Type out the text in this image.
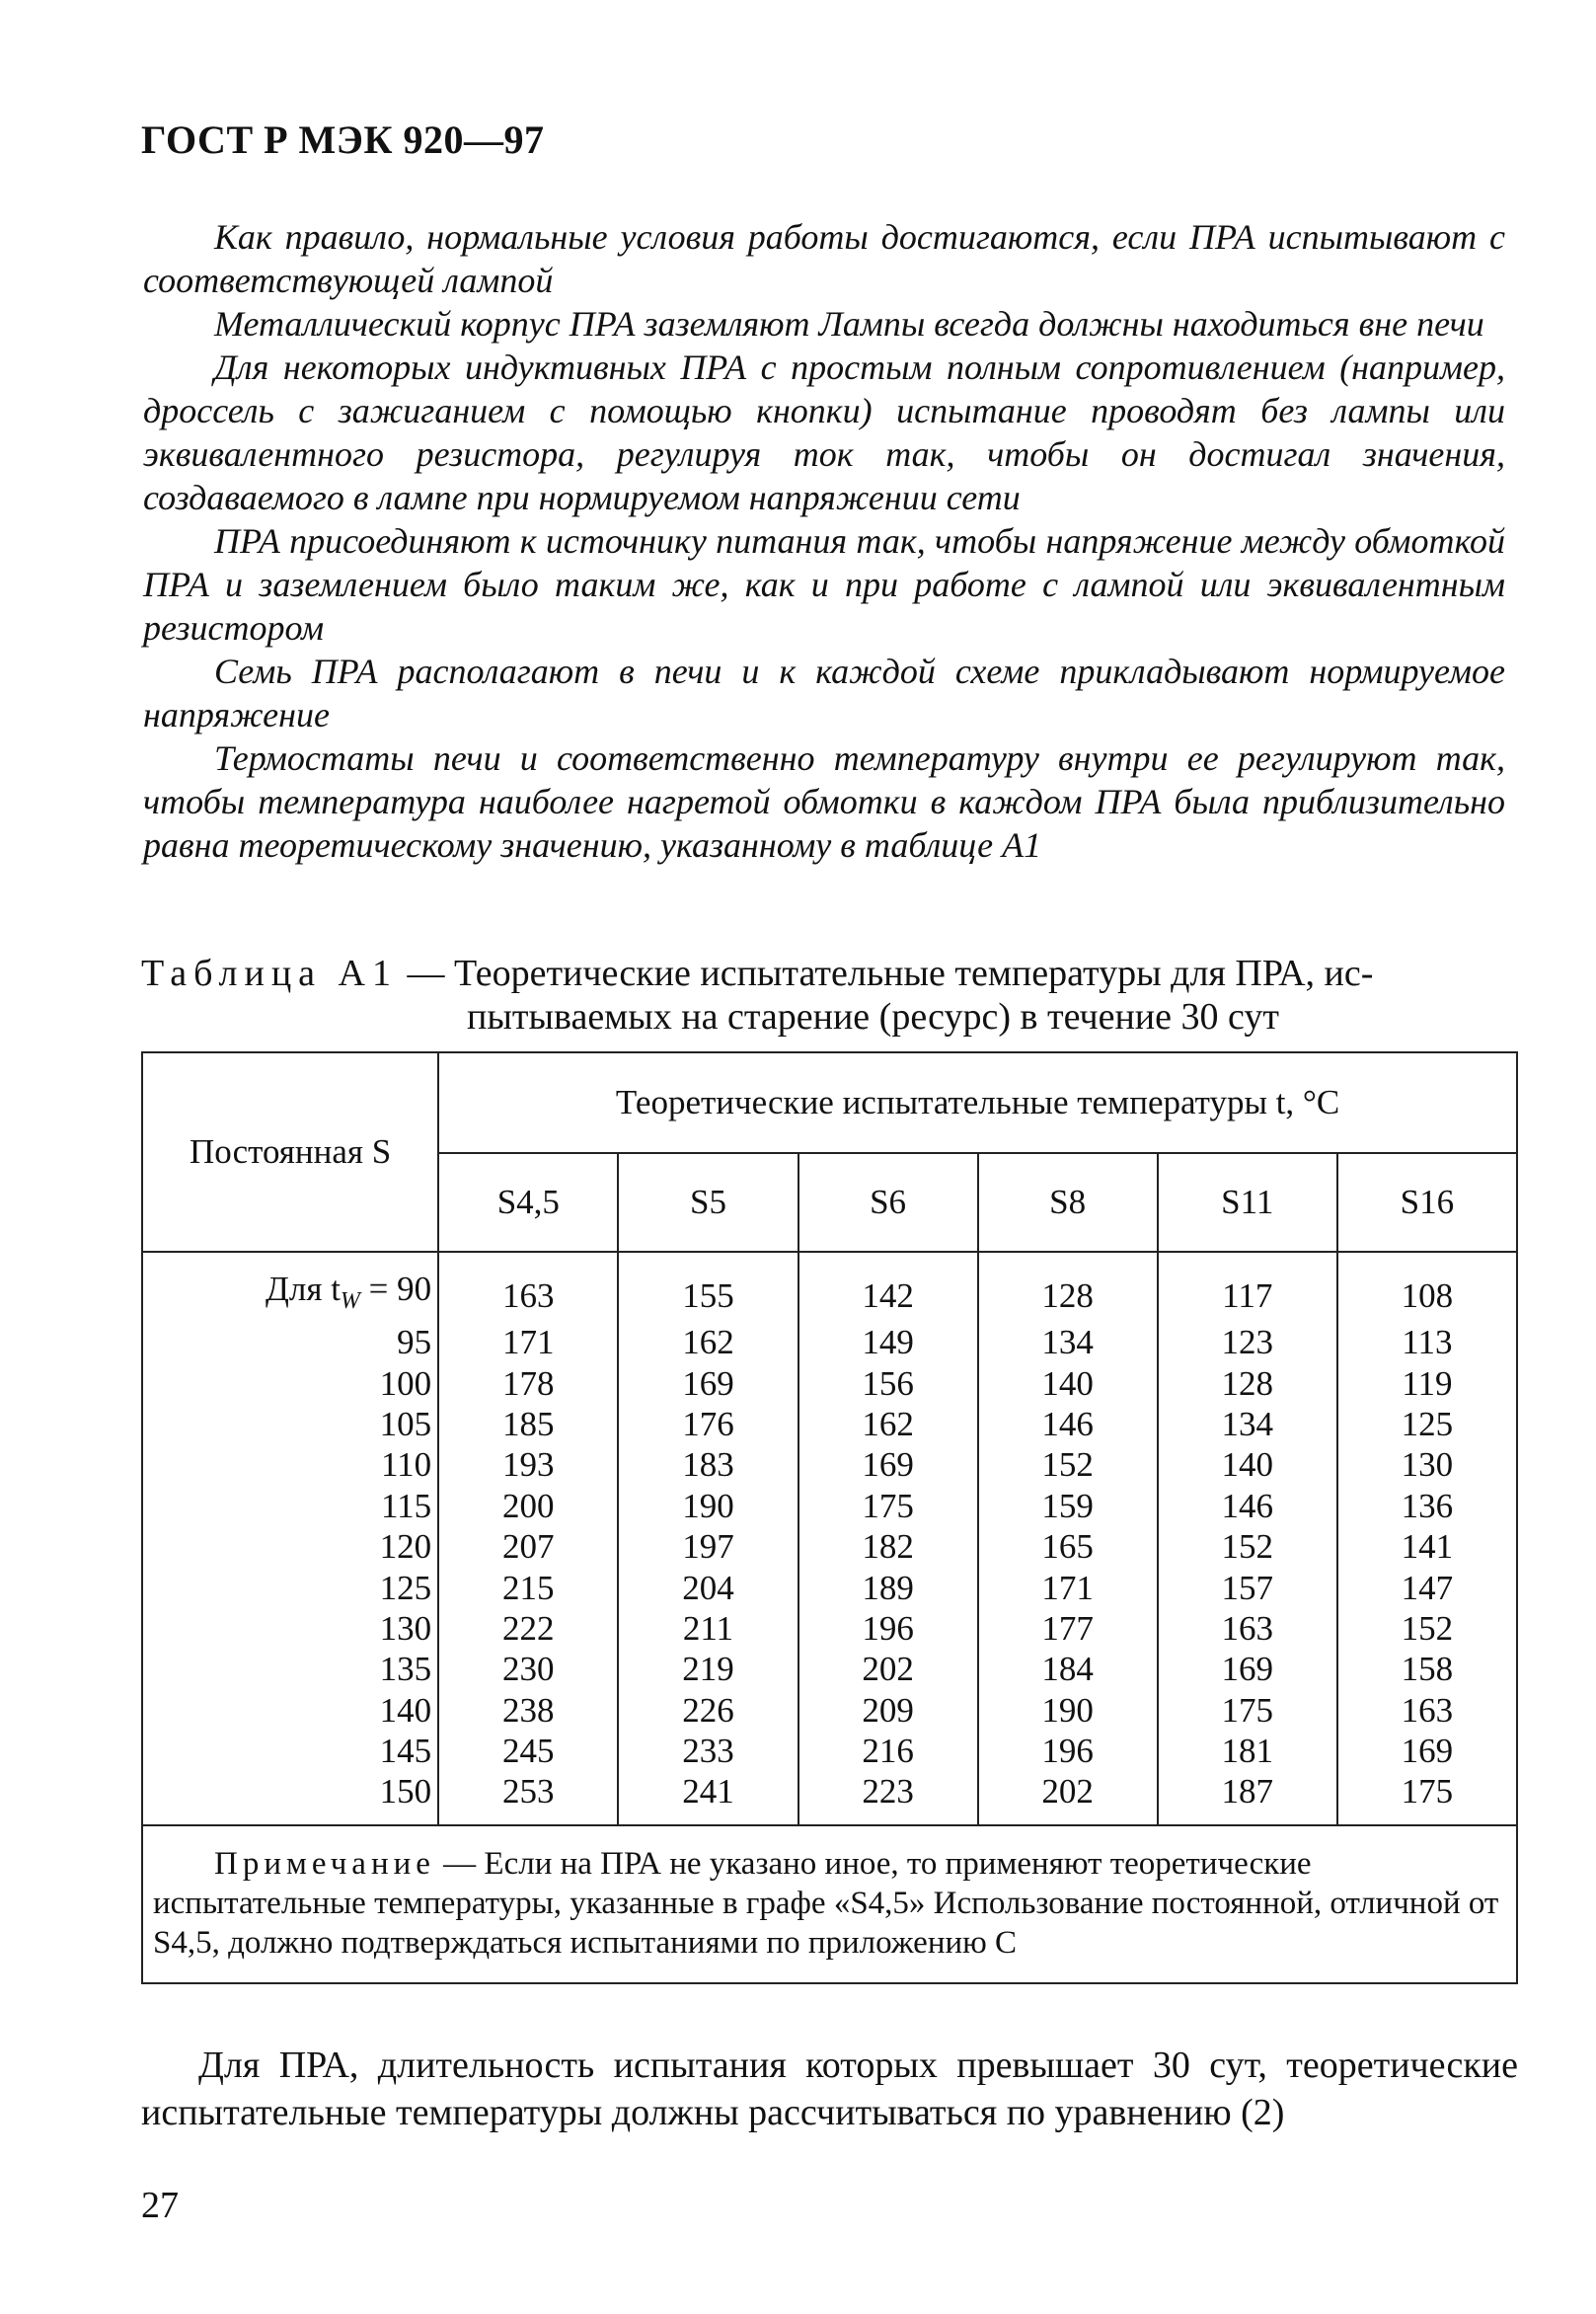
ГОСТ Р МЭК 920—97

Как правило, нормальные условия работы достигаются, если ПРА испытывают с соответствующей лампой

Металлический корпус ПРА заземляют Лампы всегда должны находиться вне печи

Для некоторых индуктивных ПРА с простым полным сопротивлением (например, дроссель с зажиганием с помощью кнопки) испытание проводят без лампы или эквивалентного резистора, регулируя ток так, чтобы он достигал значения, создаваемого в лампе при нормируемом напряжении сети

ПРА присоединяют к источнику питания так, чтобы напряжение между обмоткой ПРА и заземлением было таким же, как и при работе с лампой или эквивалентным резистором

Семь ПРА располагают в печи и к каждой схеме прикладывают нормируемое напряжение

Термостаты печи и соответственно температуру внутри ее регулируют так, чтобы температура наиболее нагретой обмотки в каждом ПРА была приблизительно равна теоретическому значению, указанному в таблице А1

Таблица А1 — Теоретические испытательные температуры для ПРА, ис-
пытываемых на старение (ресурс) в течение 30 сут
Постоянная S	Теоретические испытательные температуры t, °С					
	S4,5	S5	S6	S8	S11	S16
Для $t_W = 90$	163	155	142	128	117	108
95	171	162	149	134	123	113
100	178	169	156	140	128	119
105	185	176	162	146	134	125
110	193	183	169	152	140	130
115	200	190	175	159	146	136
120	207	197	182	165	152	141
125	215	204	189	171	157	147
130	222	211	196	177	163	152
135	230	219	202	184	169	158
140	238	226	209	190	175	163
145	245	233	216	196	181	169
150	253	241	223	202	187	175
Примечание — Если на ПРА не указано иное, то применяют теоретические испытательные температуры, указанные в графе «S4,5» Использование постоянной, отличной от S4,5, должно подтверждаться испытаниями по приложению С						

Для ПРА, длительность испытания которых превышает 30 сут, теоретические испытательные температуры должны рассчитываться по уравнению (2)

27
